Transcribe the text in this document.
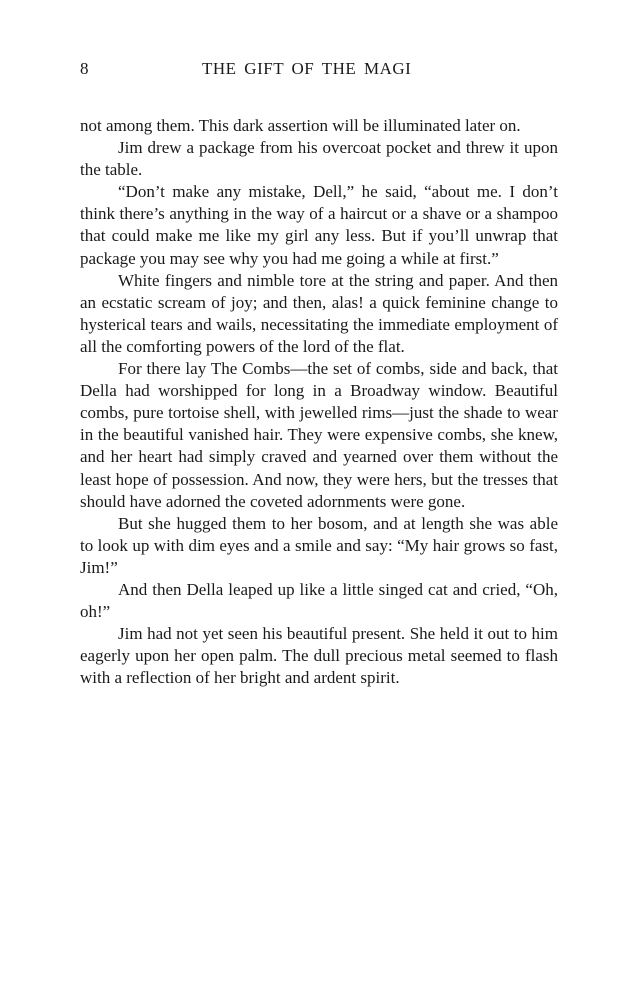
8	THE GIFT OF THE MAGI

not among them. This dark assertion will be illuminated later on.

Jim drew a package from his overcoat pocket and threw it upon the table.

“Don’t make any mistake, Dell,” he said, “about me. I don’t think there’s anything in the way of a haircut or a shave or a shampoo that could make me like my girl any less. But if you’ll unwrap that package you may see why you had me going a while at first.”

White fingers and nimble tore at the string and paper. And then an ecstatic scream of joy; and then, alas! a quick feminine change to hysterical tears and wails, necessitating the immediate employment of all the comforting powers of the lord of the flat.

For there lay The Combs—the set of combs, side and back, that Della had worshipped for long in a Broadway window. Beautiful combs, pure tortoise shell, with jewelled rims—just the shade to wear in the beautiful vanished hair. They were expensive combs, she knew, and her heart had simply craved and yearned over them without the least hope of possession. And now, they were hers, but the tresses that should have adorned the coveted adornments were gone.

But she hugged them to her bosom, and at length she was able to look up with dim eyes and a smile and say: “My hair grows so fast, Jim!”

And then Della leaped up like a little singed cat and cried, “Oh, oh!”

Jim had not yet seen his beautiful present. She held it out to him eagerly upon her open palm. The dull precious metal seemed to flash with a reflection of her bright and ardent spirit.
